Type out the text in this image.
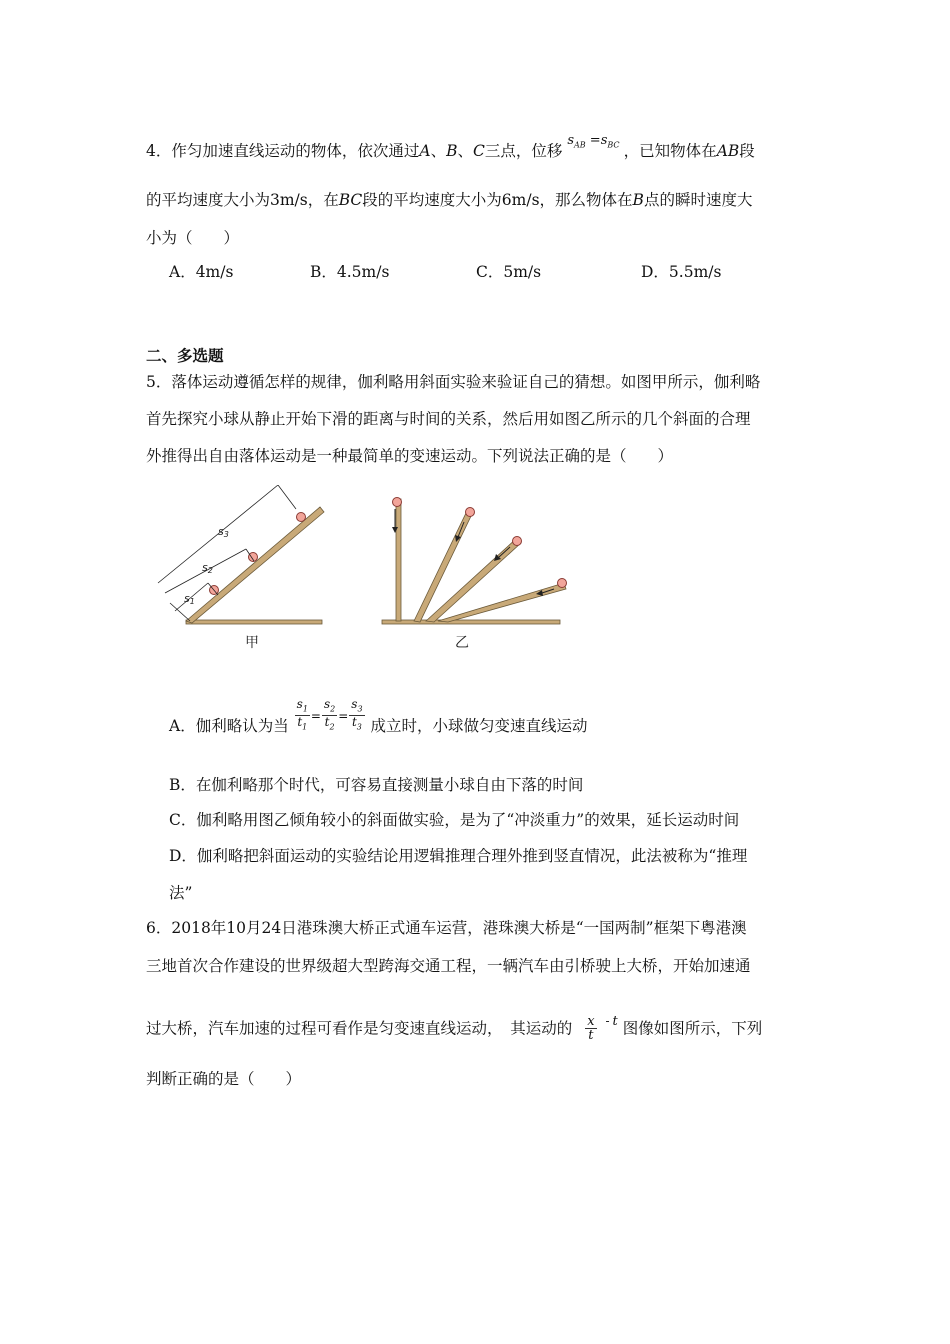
4．作匀加速直线运动的物体，依次通过A、B、C三点，位移 $^{s_{AB} =s_{BC}}$ ，已知物体在AB段
的平均速度大小为3m/s，在BC段的平均速度大小为6m/s，那么物体在B点的瞬时速度大
小为（　　）
A．4m/s	B．4.5m/s	C．5m/s	D．5.5m/s
二、多选题
5．落体运动遵循怎样的规律，伽利略用斜面实验来验证自己的猜想。如图甲所示，伽利略
首先探究小球从静止开始下滑的距离与时间的关系，然后用如图乙所示的几个斜面的合理
外推得出自由落体运动是一种最简单的变速运动。下列说法正确的是（　　）
s1
s2
s3
甲	乙
A．伽利略认为当 $\frac{s_1}{t_1} ^= \frac{s_2}{t_2} ^= \frac{s_3}{t_3}$ 成立时，小球做匀变速直线运动
B．在伽利略那个时代，可容易直接测量小球自由下落的时间
C．伽利略用图乙倾角较小的斜面做实验，是为了“冲淡重力”的效果，延长运动时间
D．伽利略把斜面运动的实验结论用逻辑推理合理外推到竖直情况，此法被称为“推理
法”
6．2018年10月24日港珠澳大桥正式通车运营，港珠澳大桥是“一国两制”框架下粤港澳
三地首次合作建设的世界级超大型跨海交通工程，一辆汽车由引桥驶上大桥，开始加速通
过大桥，汽车加速的过程可看作是匀变速直线运动，　其运动的 $\frac{x}{t} ^-$ $^t$ 图像如图所示，下列
判断正确的是（　　）
